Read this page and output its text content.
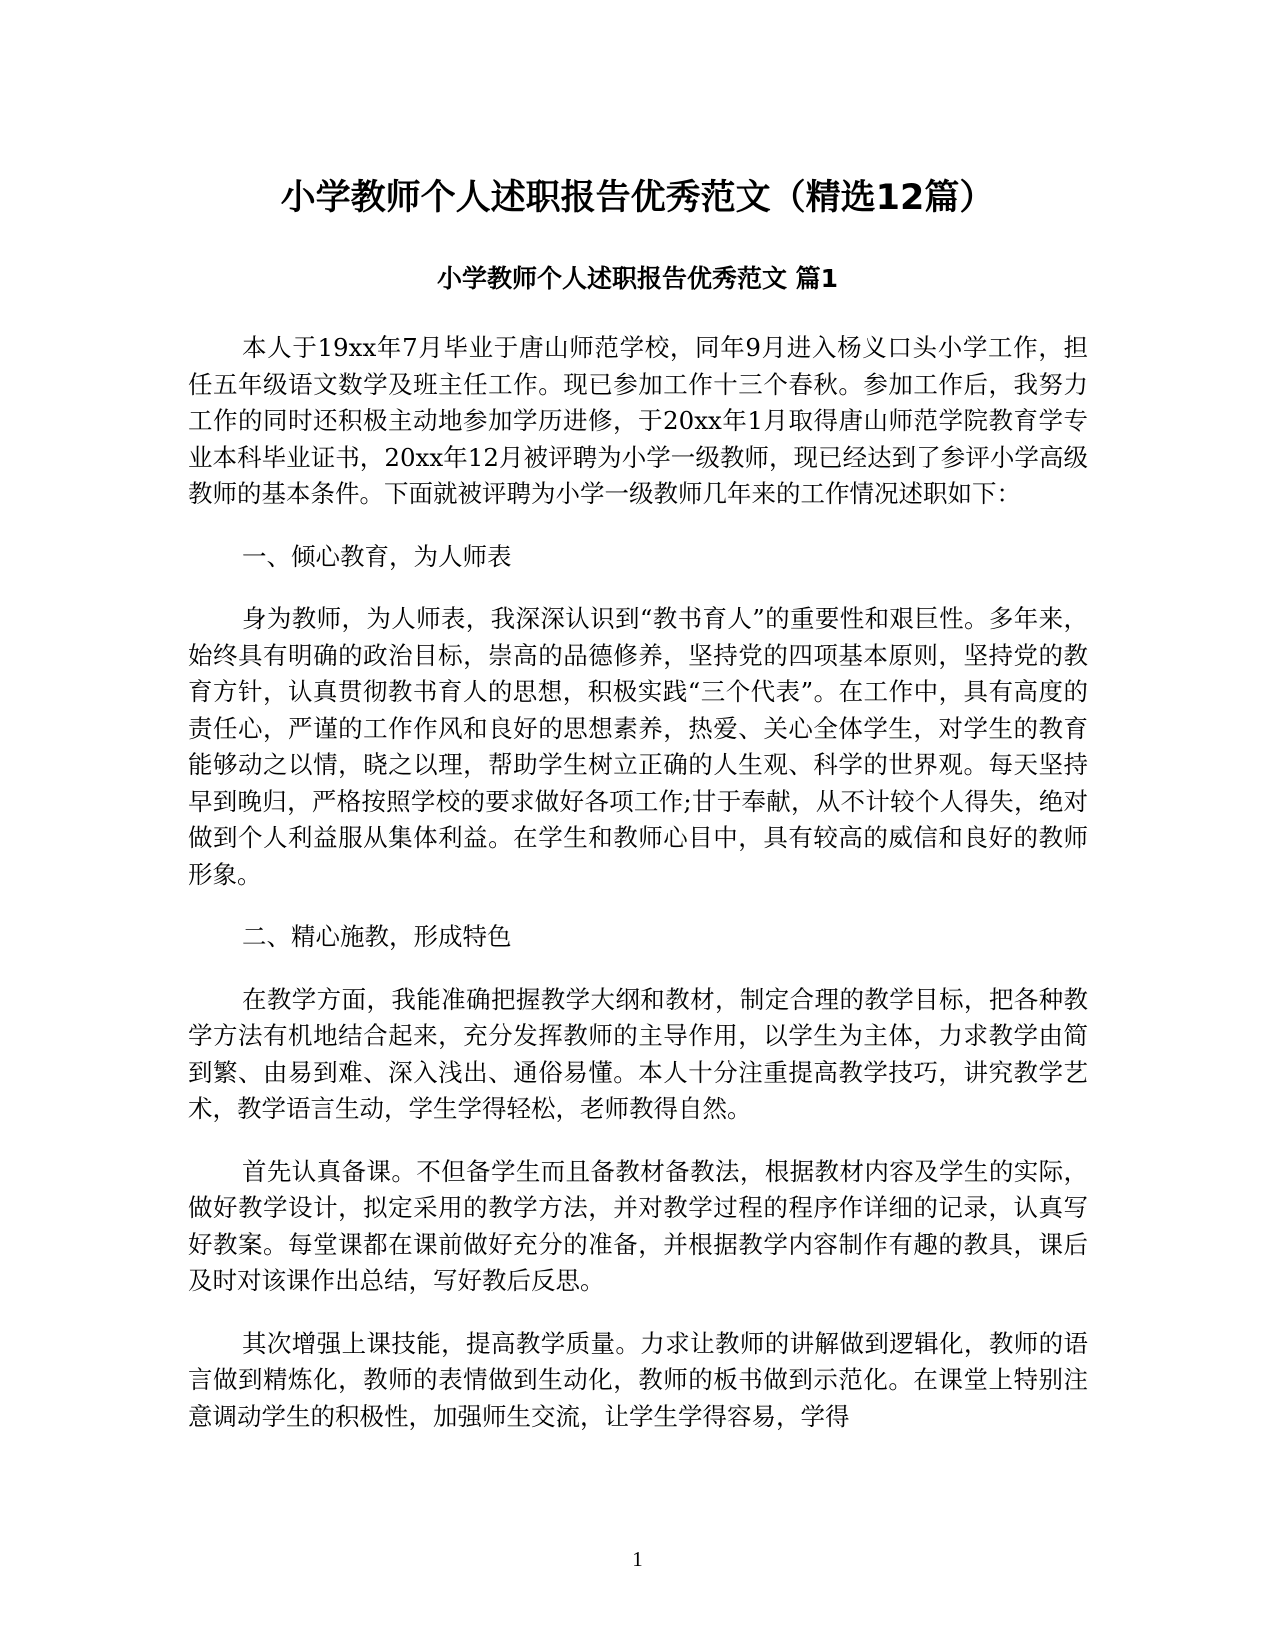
小学教师个人述职报告优秀范文（精选12篇）
小学教师个人述职报告优秀范文 篇1

本人于19xx年7月毕业于唐山师范学校，同年9月进入杨义口头小学工作，担任五年级语文数学及班主任工作。现已参加工作十三个春秋。参加工作后，我努力工作的同时还积极主动地参加学历进修，于20xx年1月取得唐山师范学院教育学专业本科毕业证书，20xx年12月被评聘为小学一级教师，现已经达到了参评小学高级教师的基本条件。下面就被评聘为小学一级教师几年来的工作情况述职如下：

一、倾心教育，为人师表

身为教师，为人师表，我深深认识到“教书育人”的重要性和艰巨性。多年来，始终具有明确的政治目标，崇高的品德修养，坚持党的四项基本原则，坚持党的教育方针，认真贯彻教书育人的思想，积极实践“三个代表”。在工作中，具有高度的责任心，严谨的工作作风和良好的思想素养，热爱、关心全体学生，对学生的教育能够动之以情，晓之以理，帮助学生树立正确的人生观、科学的世界观。每天坚持早到晚归，严格按照学校的要求做好各项工作;甘于奉献，从不计较个人得失，绝对做到个人利益服从集体利益。在学生和教师心目中，具有较高的威信和良好的教师形象。

二、精心施教，形成特色

在教学方面，我能准确把握教学大纲和教材，制定合理的教学目标，把各种教学方法有机地结合起来，充分发挥教师的主导作用，以学生为主体，力求教学由简到繁、由易到难、深入浅出、通俗易懂。本人十分注重提高教学技巧，讲究教学艺术，教学语言生动，学生学得轻松，老师教得自然。

首先认真备课。不但备学生而且备教材备教法，根据教材内容及学生的实际，做好教学设计，拟定采用的教学方法，并对教学过程的程序作详细的记录，认真写好教案。每堂课都在课前做好充分的准备，并根据教学内容制作有趣的教具，课后及时对该课作出总结，写好教后反思。

其次增强上课技能，提高教学质量。力求让教师的讲解做到逻辑化，教师的语言做到精炼化，教师的表情做到生动化，教师的板书做到示范化。在课堂上特别注意调动学生的积极性，加强师生交流，让学生学得容易，学得

1
